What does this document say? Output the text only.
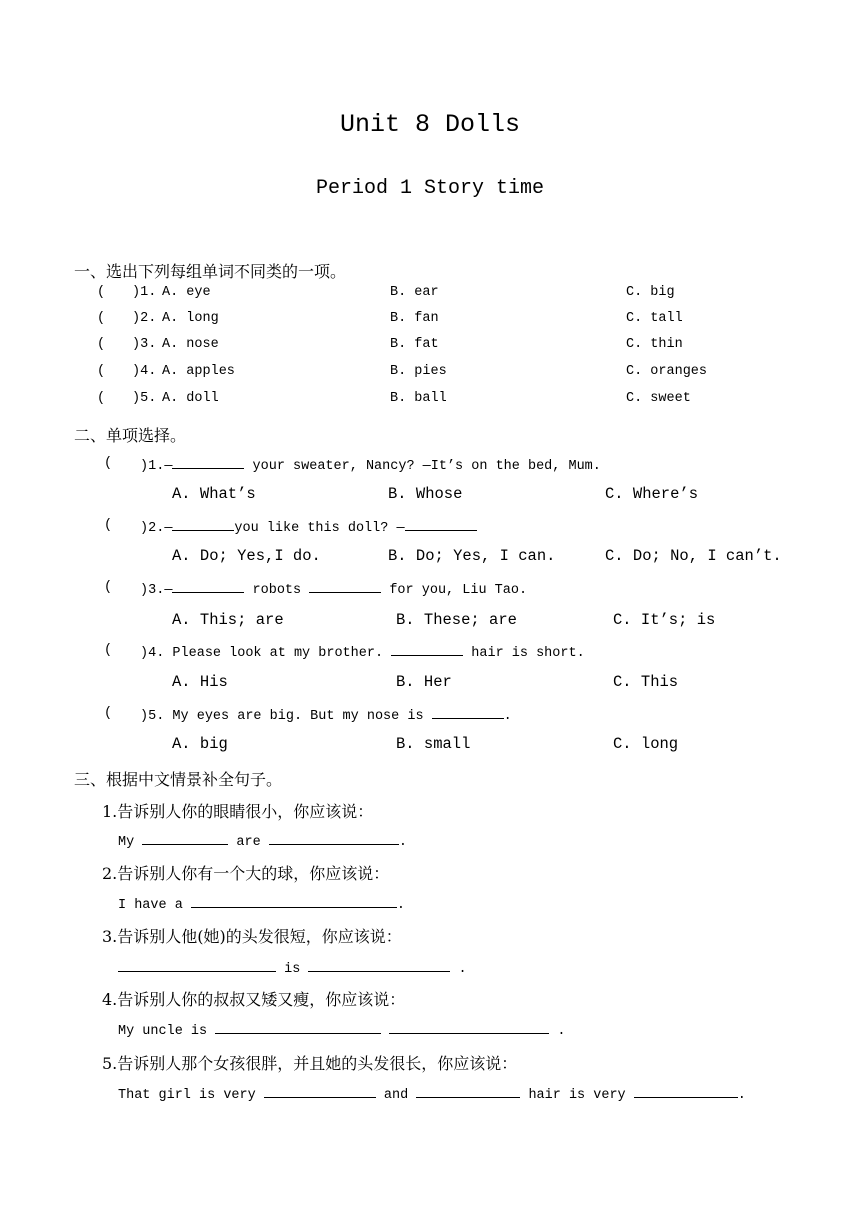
Unit 8 Dolls
Period 1 Story time
一、选出下列每组单词不同类的一项。
( )1. A. eye	B. ear	C. big
( )2. A. long	B. fan	C. tall
( )3. A. nose	B. fat	C. thin
( )4. A. apples	B. pies	C. oranges
( )5. A. doll	B. ball	C. sweet
二、单项选择。
( )1.—	your sweater, Nancy? —It’s on the bed, Mum.
A. What’s	B. Whose	C. Where’s
( )2.—	you like this doll? —
A. Do; Yes,I do.	B. Do; Yes, I can.	C. Do; No, I can’t.
( )3.—	robots	for you, Liu Tao.
A. This; are	B. These; are	C. It’s; is
( )4. Please look at my brother.	hair is short.
A. His	B. Her	C. This
( )5. My eyes are big. But my nose is	.
A. big	B. small	C. long
三、根据中文情景补全句子。
1.告诉别人你的眼睛很小，你应该说：
My	are	.
2.告诉别人你有一个大的球，你应该说：
I have a	.
3.告诉别人他(她)的头发很短，你应该说：
is	.
4.告诉别人你的叔叔又矮又瘦，你应该说：
My uncle is	.
5.告诉别人那个女孩很胖，并且她的头发很长，你应该说：
That girl is very	and	hair is very	.
